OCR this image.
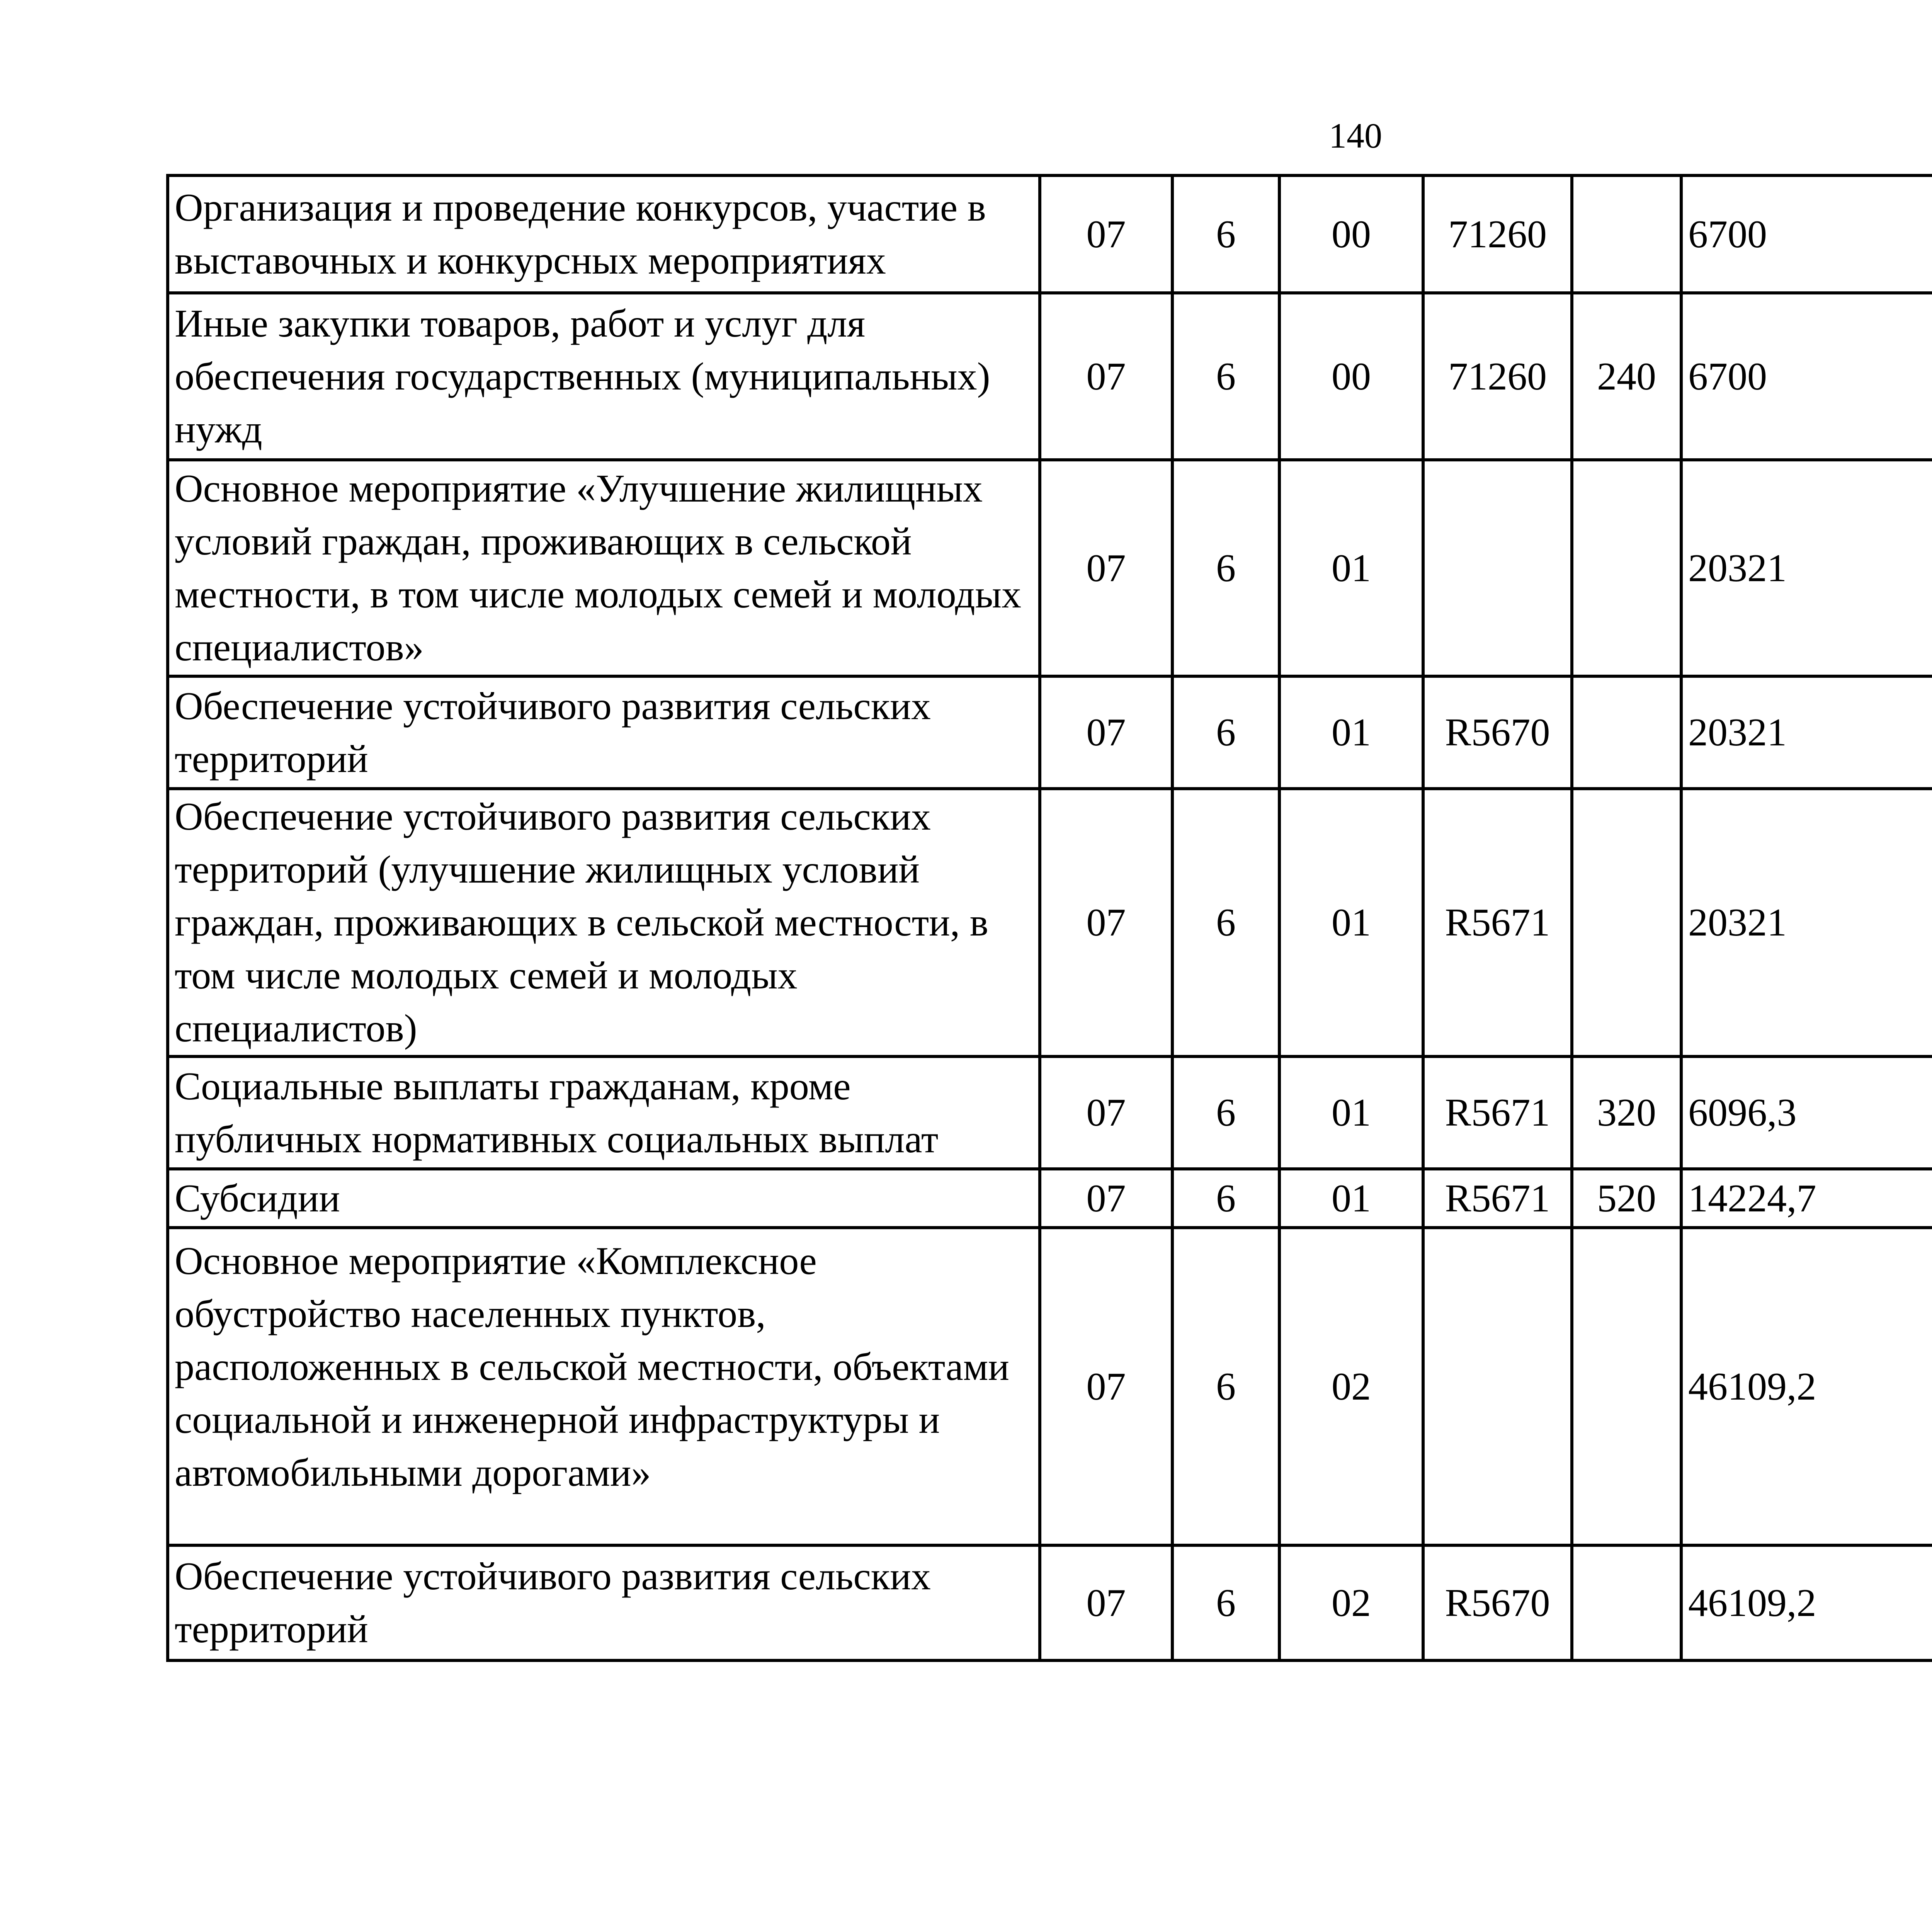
140
Организация и проведение конкурсов, участие в выставочных и конкурсных мероприятиях	07	6	00	71260		6700		
Иные закупки товаров, работ и услуг для обеспечения государственных (муниципальных) нужд	07	6	00	71260	240	6700		
Основное мероприятие «Улучшение жилищных условий граждан, проживающих в сельской местности, в том числе молодых семей и молодых специалистов»	07	6	01			20321		
Обеспечение устойчивого развития сельских территорий	07	6	01	R5670		20321		
Обеспечение устойчивого развития сельских территорий (улучшение жилищных условий граждан, проживающих в сельской местности, в том числе молодых семей и молодых специалистов)	07	6	01	R5671		20321		
Социальные выплаты гражданам, кроме публичных нормативных социальных выплат	07	6	01	R5671	320	6096,3		
Субсидии	07	6	01	R5671	520	14224,7		
Основное мероприятие «Комплексное обустройство населенных пунктов, расположенных в сельской местности, объектами социальной и инженерной инфраструктуры и автомобильными дорогами»	07	6	02			46109,2		
Обеспечение устойчивого развития сельских территорий	07	6	02	R5670		46109,2		
